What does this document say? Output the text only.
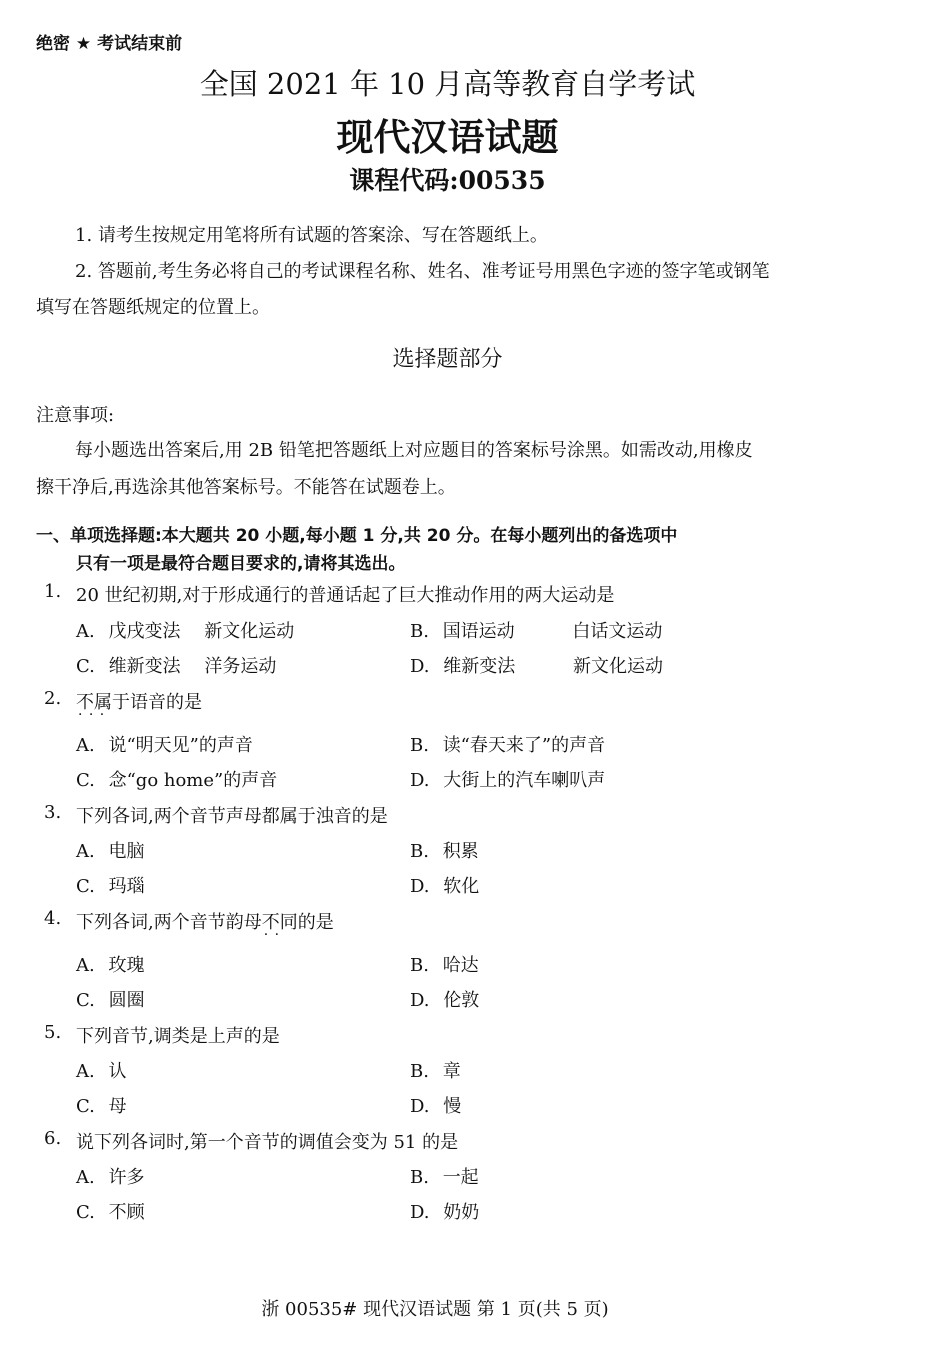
绝密 ★ 考试结束前
全国 2021 年 10 月高等教育自学考试
现代汉语试题
课程代码:00535
1. 请考生按规定用笔将所有试题的答案涂、写在答题纸上。
2. 答题前,考生务必将自己的考试课程名称、姓名、准考证号用黑色字迹的签字笔或钢笔
填写在答题纸规定的位置上。
选择题部分
注意事项:
每小题选出答案后,用 2B 铅笔把答题纸上对应题目的答案标号涂黑。如需改动,用橡皮
擦干净后,再选涂其他答案标号。不能答在试题卷上。
一、单项选择题:本大题共 20 小题,每小题 1 分,共 20 分。在每小题列出的备选项中
只有一项是最符合题目要求的,请将其选出。
1. 20 世纪初期,对于形成通行的普通话起了巨大推动作用的两大运动是
A. 戊戌变法 新文化运动	B. 国语运动	白话文运动
C. 维新变法 洋务运动	D. 维新变法	新文化运动
2. 不属于 · · ·语音的是
A. 说“明天见”的声音	B. 读“春天来了”的声音
C. 念“go home”的声音	D. 大街上的汽车喇叭声
3. 下列各词,两个音节声母都属于浊音的是
A. 电脑	B. 积累
C. 玛瑙	D. 软化
4. 下列各词,两个音节韵母不同 · ·的是
A. 玫瑰	B. 哈达
C. 圆圈	D. 伦敦
5. 下列音节,调类是上声的是
A. 认	B. 章
C. 母	D. 慢
6. 说下列各词时,第一个音节的调值会变为 51 的是
A. 许多	B. 一起
C. 不顾	D. 奶奶
浙 00535# 现代汉语试题 第 1 页(共 5 页)
